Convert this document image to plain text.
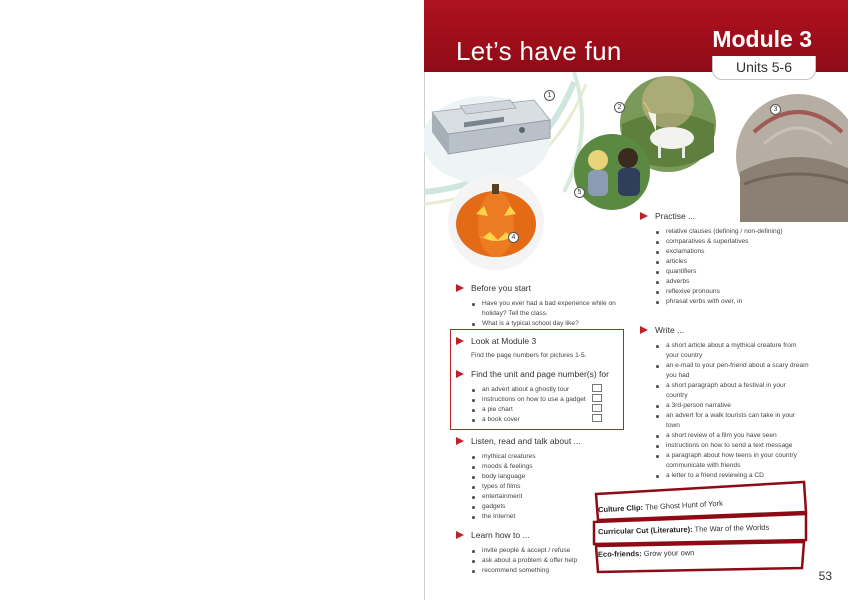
Let’s have fun	Module 3
Units 5-6
1
2	3
4
5
Before you start
Have you ever had a bad experience while on holiday? Tell the class.
What is a typical school day like?
Look at Module 3
Find the page numbers for pictures 1-5.
Find the unit and page number(s) for
an advert about a ghostly tour
instructions on how to use a gadget
a pie chart
a book cover
Listen, read and talk about ...
mythical creatures
moods & feelings
body language
types of films
entertainment
gadgets
the Internet
Learn how to ...
invite people & accept / refuse
ask about a problem & offer help
recommend something
Practise ...
relative clauses (defining / non-defining)
comparatives & superlatives
exclamations
articles
quantifiers
adverbs
reflexive pronouns
phrasal verbs with over, in
Write ...
a short article about a mythical creature from your country
an e-mail to your pen-friend about a scary dream you had
a short paragraph about a festival in your country
a 3rd-person narrative
an advert for a walk tourists can take in your town
a short review of a film you have seen
instructions on how to send a text message
a paragraph about how teens in your country communicate with friends
a letter to a friend reviewing a CD
Culture Clip: The Ghost Hunt of York
Curricular Cut (Literature): The War of the Worlds
Eco-friends: Grow your own
53
